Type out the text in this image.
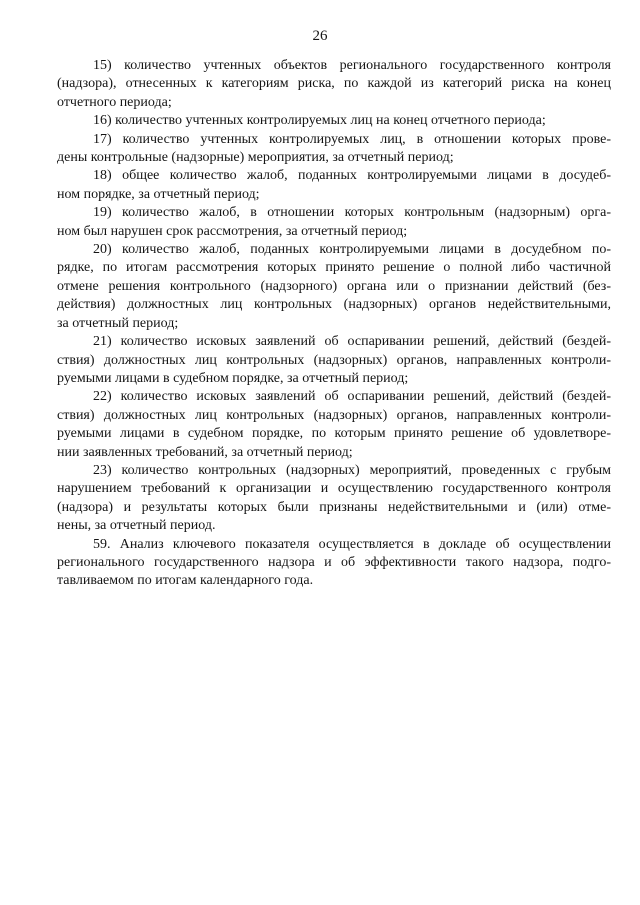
26

15) количество учтенных объектов регионального государственного контроля
(надзора), отнесенных к категориям риска, по каждой из категорий риска на конец
отчетного периода;

16) количество учтенных контролируемых лиц на конец отчетного периода;

17) количество учтенных контролируемых лиц, в отношении которых прове-
дены контрольные (надзорные) мероприятия, за отчетный период;

18) общее количество жалоб, поданных контролируемыми лицами в досудеб-
ном порядке, за отчетный период;

19) количество жалоб, в отношении которых контрольным (надзорным) орга-
ном был нарушен срок рассмотрения, за отчетный период;

20) количество жалоб, поданных контролируемыми лицами в досудебном по-
рядке, по итогам рассмотрения которых принято решение о полной либо частичной
отмене решения контрольного (надзорного) органа или о признании действий (без-
действия) должностных лиц контрольных (надзорных) органов недействительными,
за отчетный период;

21) количество исковых заявлений об оспаривании решений, действий (бездей-
ствия) должностных лиц контрольных (надзорных) органов, направленных контроли-
руемыми лицами в судебном порядке, за отчетный период;

22) количество исковых заявлений об оспаривании решений, действий (бездей-
ствия) должностных лиц контрольных (надзорных) органов, направленных контроли-
руемыми лицами в судебном порядке, по которым принято решение об удовлетворе-
нии заявленных требований, за отчетный период;

23) количество контрольных (надзорных) мероприятий, проведенных с грубым
нарушением требований к организации и осуществлению государственного контроля
(надзора) и результаты которых были признаны недействительными и (или) отме-
нены, за отчетный период.

59. Анализ ключевого показателя осуществляется в докладе об осуществлении
регионального государственного надзора и об эффективности такого надзора, подго-
тавливаемом по итогам календарного года.
